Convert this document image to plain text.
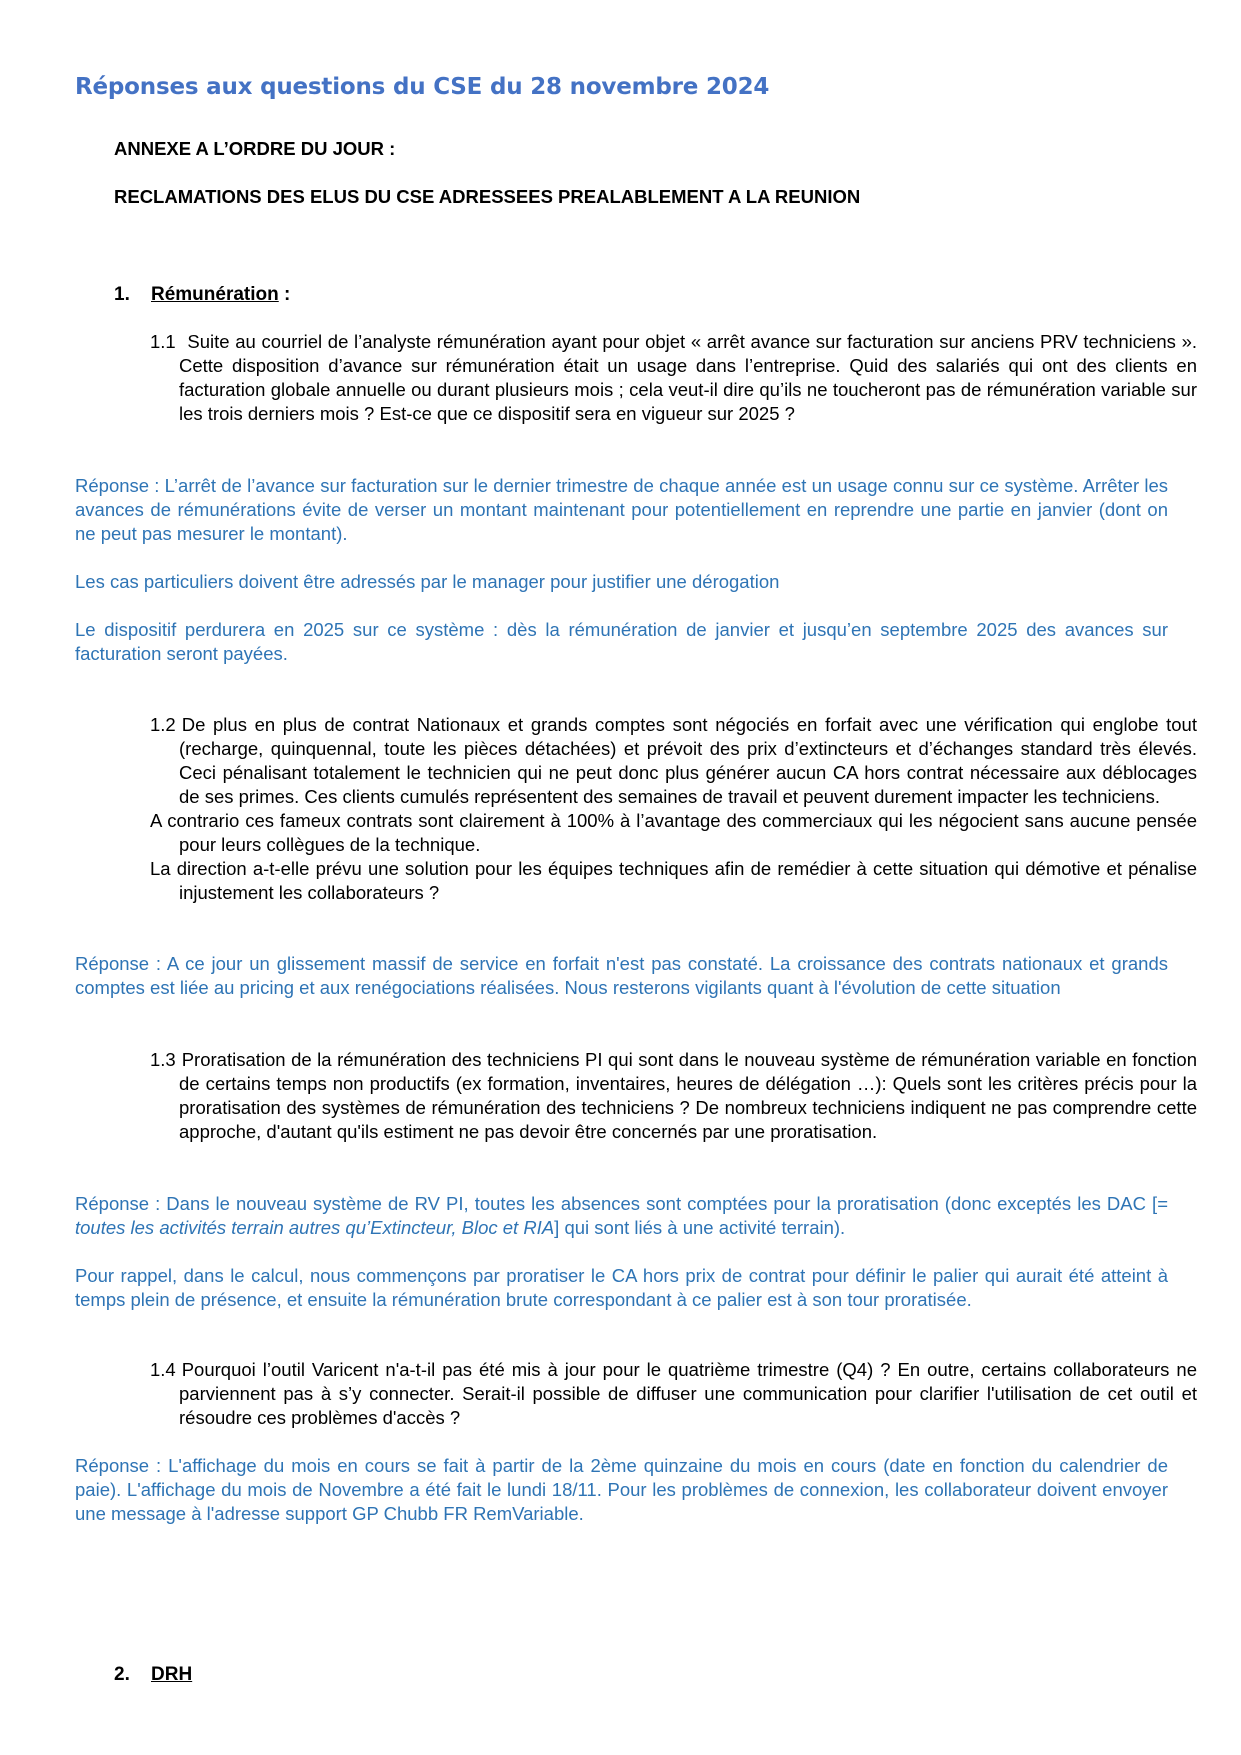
Réponses aux questions du CSE du 28 novembre 2024

ANNEXE A L’ORDRE DU JOUR :

RECLAMATIONS DES ELUS DU CSE ADRESSEES PREALABLEMENT A LA REUNION

1. Rémunération :

1.1 Suite au courriel de l’analyste rémunération ayant pour objet « arrêt avance sur facturation sur anciens PRV techniciens ». Cette disposition d’avance sur rémunération était un usage dans l’entreprise. Quid des salariés qui ont des clients en facturation globale annuelle ou durant plusieurs mois ; cela veut-il dire qu’ils ne toucheront pas de rémunération variable sur les trois derniers mois ? Est-ce que ce dispositif sera en vigueur sur 2025 ?

Réponse : L’arrêt de l’avance sur facturation sur le dernier trimestre de chaque année est un usage connu sur ce système. Arrêter les avances de rémunérations évite de verser un montant maintenant pour potentiellement en reprendre une partie en janvier (dont on ne peut pas mesurer le montant).

Les cas particuliers doivent être adressés par le manager pour justifier une dérogation

Le dispositif perdurera en 2025 sur ce système : dès la rémunération de janvier et jusqu’en septembre 2025 des avances sur facturation seront payées.

1.2 De plus en plus de contrat Nationaux et grands comptes sont négociés en forfait avec une vérification qui englobe tout (recharge, quinquennal, toute les pièces détachées) et prévoit des prix d’extincteurs et d’échanges standard très élevés. Ceci pénalisant totalement le technicien qui ne peut donc plus générer aucun CA hors contrat nécessaire aux déblocages de ses primes. Ces clients cumulés représentent des semaines de travail et peuvent durement impacter les techniciens.
A contrario ces fameux contrats sont clairement à 100% à l’avantage des commerciaux qui les négocient sans aucune pensée pour leurs collègues de la technique.
La direction a-t-elle prévu une solution pour les équipes techniques afin de remédier à cette situation qui démotive et pénalise injustement les collaborateurs ?

Réponse : A ce jour un glissement massif de service en forfait n'est pas constaté. La croissance des contrats nationaux et grands comptes est liée au pricing et aux renégociations réalisées. Nous resterons vigilants quant à l'évolution de cette situation

1.3 Proratisation de la rémunération des techniciens PI qui sont dans le nouveau système de rémunération variable en fonction de certains temps non productifs (ex formation, inventaires, heures de délégation …): Quels sont les critères précis pour la proratisation des systèmes de rémunération des techniciens ? De nombreux techniciens indiquent ne pas comprendre cette approche, d'autant qu'ils estiment ne pas devoir être concernés par une proratisation.

Réponse : Dans le nouveau système de RV PI, toutes les absences sont comptées pour la proratisation (donc exceptés les DAC [= toutes les activités terrain autres qu’Extincteur, Bloc et RIA] qui sont liés à une activité terrain).

Pour rappel, dans le calcul, nous commençons par proratiser le CA hors prix de contrat pour définir le palier qui aurait été atteint à temps plein de présence, et ensuite la rémunération brute correspondant à ce palier est à son tour proratisée.

1.4 Pourquoi l’outil Varicent n'a-t-il pas été mis à jour pour le quatrième trimestre (Q4) ? En outre, certains collaborateurs ne parviennent pas à s’y connecter. Serait-il possible de diffuser une communication pour clarifier l'utilisation de cet outil et résoudre ces problèmes d'accès ?

Réponse : L'affichage du mois en cours se fait à partir de la 2ème quinzaine du mois en cours (date en fonction du calendrier de paie). L'affichage du mois de Novembre a été fait le lundi 18/11. Pour les problèmes de connexion, les collaborateur doivent envoyer une message à l'adresse support GP Chubb FR RemVariable.

2. DRH
